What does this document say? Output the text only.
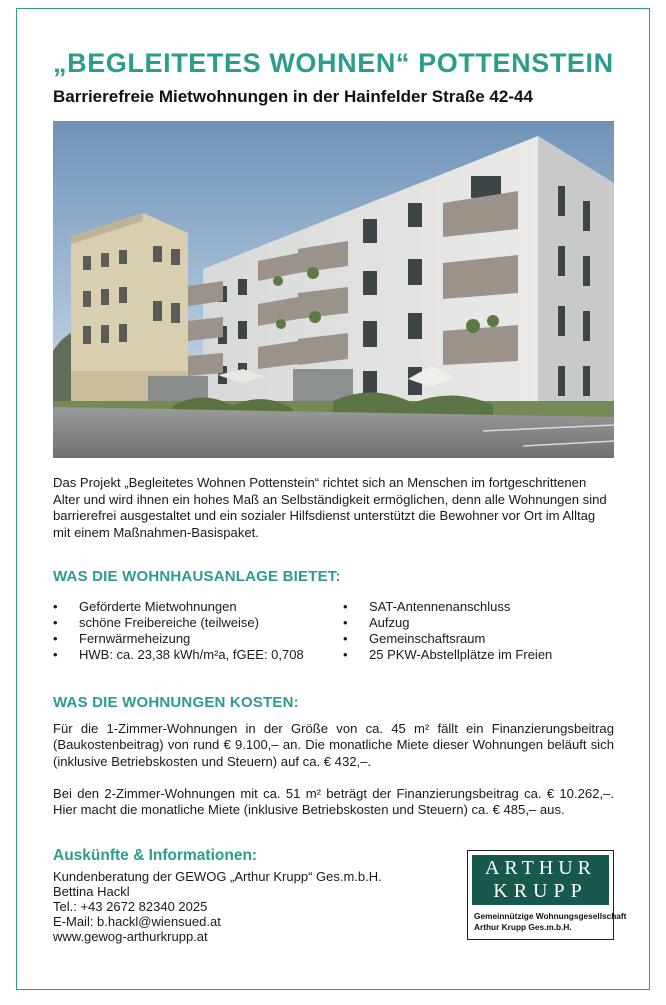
„BEGLEITETES WOHNEN“ POTTENSTEIN
Barrierefreie Mietwohnungen in der Hainfelder Straße 42-44

Das Projekt „Begleitetes Wohnen Pottenstein“ richtet sich an Menschen im fortgeschrittenen Alter und wird ihnen ein hohes Maß an Selbständigkeit ermöglichen, denn alle Wohnungen sind barrierefrei ausgestaltet und ein sozialer Hilfsdienst unterstützt die Bewohner vor Ort im Alltag mit einem Maßnahmen-Basispaket.

WAS DIE WOHNHAUSANLAGE BIETET:
• Geförderte Mietwohnungen
• schöne Freibereiche (teilweise)
• Fernwärmeheizung
• HWB: ca. 23,38 kWh/m²a, fGEE: 0,708
• SAT-Antennenanschluss
• Aufzug
• Gemeinschaftsraum
• 25 PKW-Abstellplätze im Freien
WAS DIE WOHNUNGEN KOSTEN:

Für die 1-Zimmer-Wohnungen in der Größe von ca. 45 m² fällt ein Finanzierungsbeitrag (Baukostenbeitrag) von rund € 9.100,– an. Die monatliche Miete dieser Wohnungen beläuft sich (inklusive Betriebskosten und Steuern) auf ca. € 432,–.

Bei den 2-Zimmer-Wohnungen mit ca. 51 m² beträgt der Finanzierungsbeitrag ca. € 10.262,–. Hier macht die monatliche Miete (inklusive Betriebskosten und Steuern) ca. € 485,– aus.

Auskünfte & Informationen:
Kundenberatung der GEWOG „Arthur Krupp“ Ges.m.b.H.
Bettina Hackl
Tel.: +43 2672 82340 2025
E-Mail: b.hackl@wiensued.at
www.gewog-arthurkrupp.at
ARTHUR
KRUPP
Gemeinnützige Wohnungsgesellschaft
Arthur Krupp Ges.m.b.H.
